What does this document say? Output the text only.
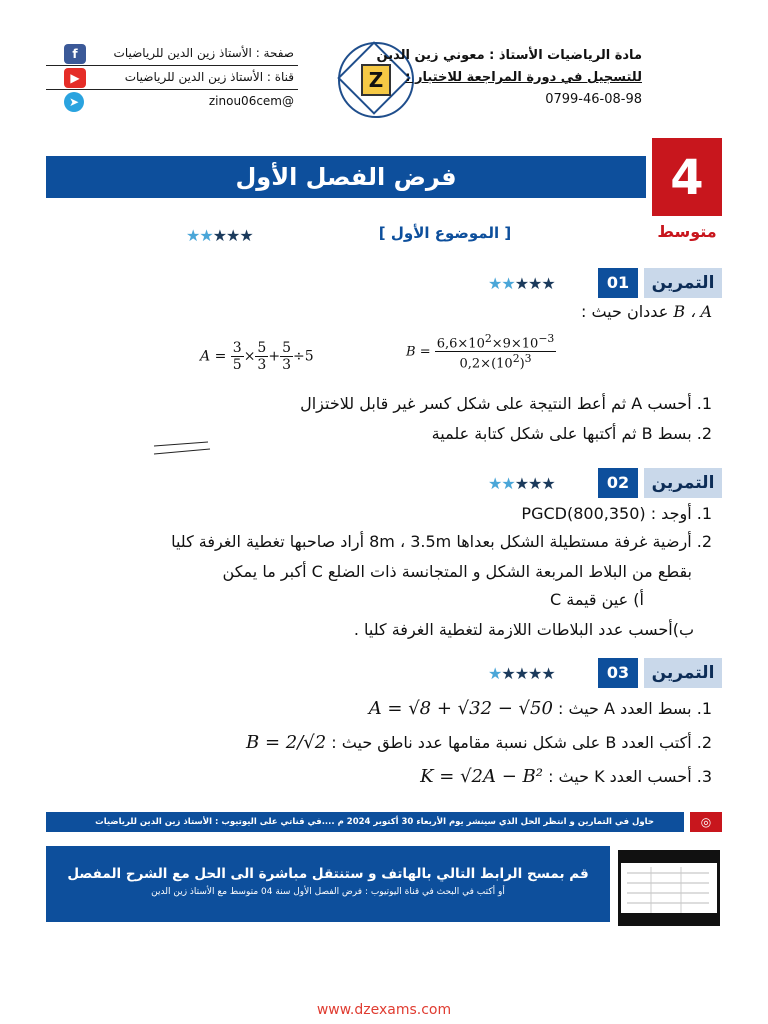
f	صفحة : الأستاذ زين الدين للرياضيات
▶	قناة : الأستاذ زين الدين للرياضيات
➤	@zinou06cem
Z
مادة الرياضيات الأستاذ : معوني زين الدين
للتسجيل في دورة المراجعة للاختبار :
0799-46-08-98
فرض الفصل الأول	4
متوسط
★★★★★	[ الموضوع الأول ]
التمرين
01
★★★★★
B ، A عددان حيث :
$A = \frac{3}{5} \times \frac{5}{3} + \frac{5}{3} \div 5$	$B = \frac{6,6\times 10^2\times 9\times 10^{-3}}{0,2\times(10^2)^3}$
1. أحسب A ثم أعط النتيجة على شكل كسر غير قابل للاختزال
2. بسط B ثم أكتبها على شكل كتابة علمية
التمرين
02
★★★★★
1. أوجد : PGCD(800,350)
2. أرضية غرفة مستطيلة الشكل بعداها 8m ، 3.5m أراد صاحبها تغطية الغرفة كليا
بقطع من البلاط المربعة الشكل و المتجانسة ذات الضلع C أكبر ما يمكن
أ) عين قيمة C
ب)أحسب عدد البلاطات اللازمة لتغطية الغرفة كليا .
التمرين
03
★★★★★
1. بسط العدد A حيث : A = √8 + √32 − √50
2. أكتب العدد B على شكل نسبة مقامها عدد ناطق حيث : B = 2/√2
3. أحسب العدد K حيث : K = √2A − B²
حاول في التمارين و انتظر الحل الذي سينشر يوم الأربعاء 30 أكتوبر 2024 م ....في قناتي على اليوتيوب : الأستاذ زين الدين للرياضيات	◎
قم بمسح الرابط التالي بالهاتف و ستنتقل مباشرة الى الحل مع الشرح المفصل
أو أكتب في البحث في قناة اليوتيوب : فرض الفصل الأول سنة 04 متوسط مع الأستاذ زين الدين
www.dzexams.com
